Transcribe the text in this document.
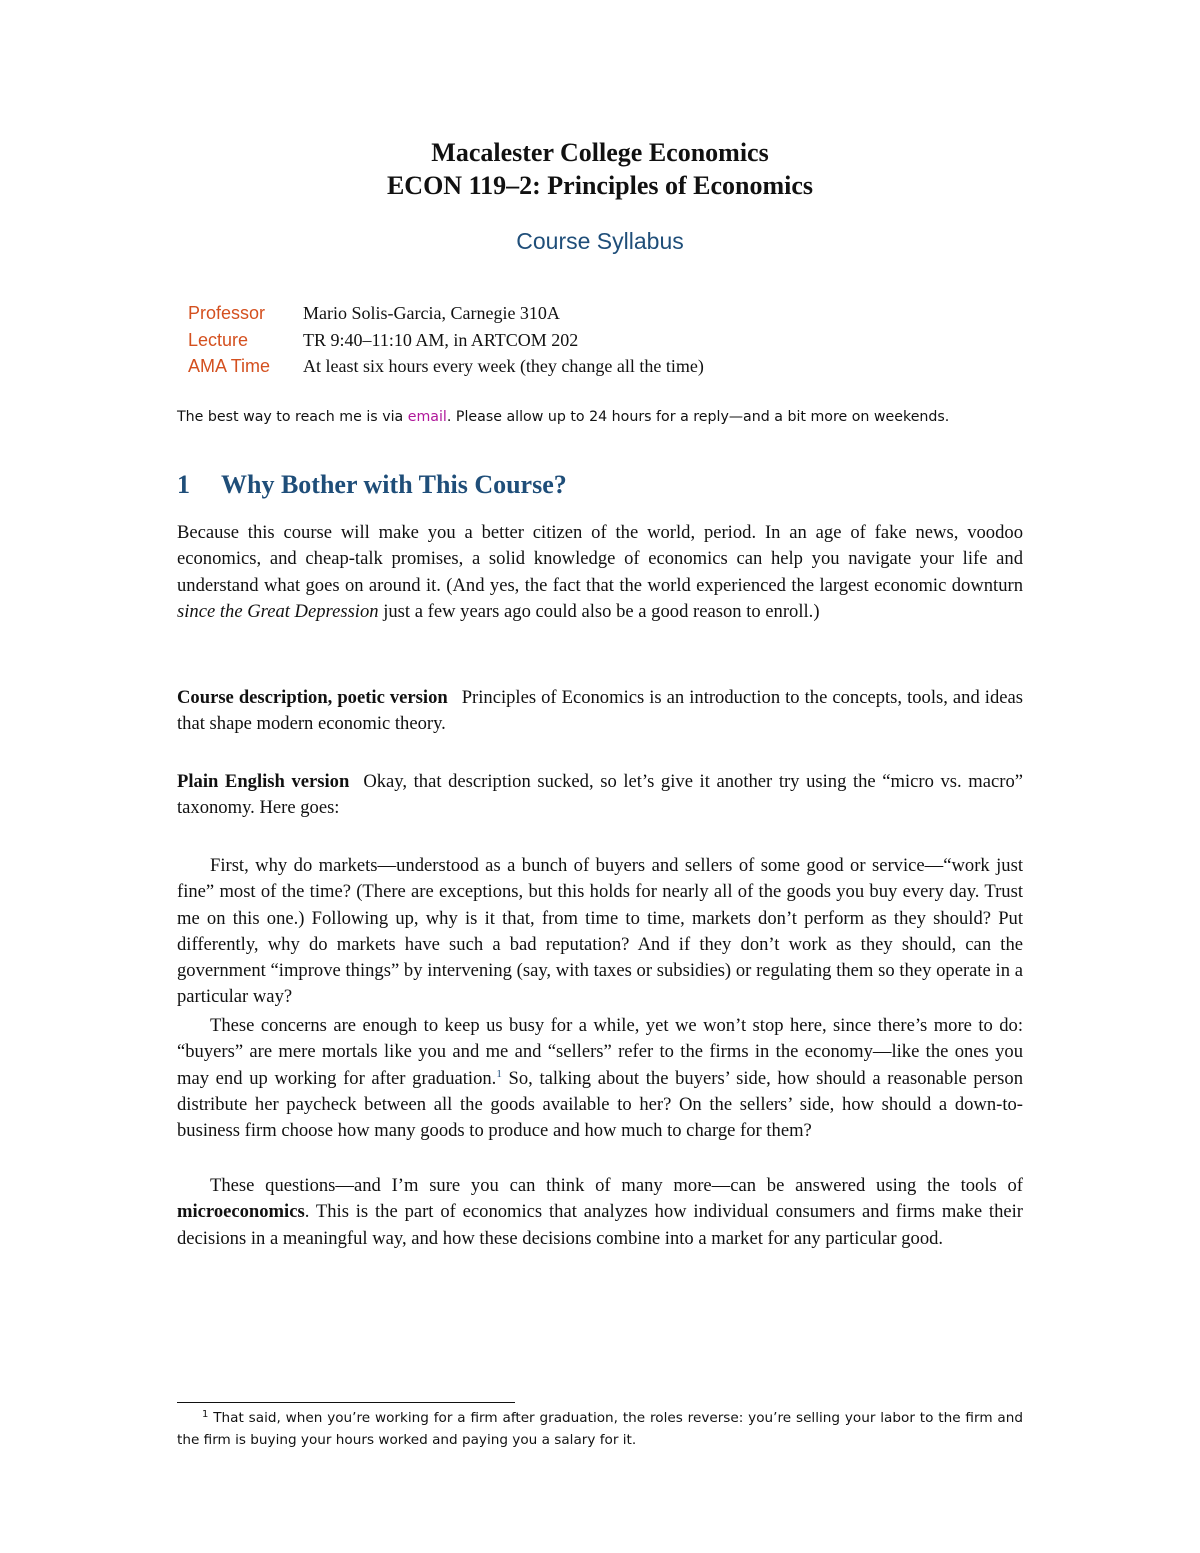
Macalester College Economics
ECON 119–2: Principles of Economics
Course Syllabus
Professor	Mario Solis-Garcia, Carnegie 310A
Lecture	TR 9:40–11:10 AM, in ARTCOM 202
AMA Time	At least six hours every week (they change all the time)
The best way to reach me is via email. Please allow up to 24 hours for a reply—and a bit more on weekends.
1 Why Bother with This Course?

Because this course will make you a better citizen of the world, period. In an age of fake news, voodoo economics, and cheap-talk promises, a solid knowledge of economics can help you navigate your life and understand what goes on around it. (And yes, the fact that the world experienced the largest economic downturn since the Great Depression just a few years ago could also be a good reason to enroll.)

Course description, poetic version Principles of Economics is an introduction to the concepts, tools, and ideas that shape modern economic theory.

Plain English version Okay, that description sucked, so let’s give it another try using the “micro vs. macro” taxonomy. Here goes:

First, why do markets—understood as a bunch of buyers and sellers of some good or service—“work just fine” most of the time? (There are exceptions, but this holds for nearly all of the goods you buy every day. Trust me on this one.) Following up, why is it that, from time to time, markets don’t perform as they should? Put differently, why do markets have such a bad reputation? And if they don’t work as they should, can the government “improve things” by intervening (say, with taxes or subsidies) or regulating them so they operate in a particular way?

These concerns are enough to keep us busy for a while, yet we won’t stop here, since there’s more to do: “buyers” are mere mortals like you and me and “sellers” refer to the firms in the economy—like the ones you may end up working for after graduation.$^1$ So, talking about the buyers’ side, how should a reasonable person distribute her paycheck between all the goods available to her? On the sellers’ side, how should a down-to-business firm choose how many goods to produce and how much to charge for them?

These questions—and I’m sure you can think of many more—can be answered using the tools of microeconomics. This is the part of economics that analyzes how individual consumers and firms make their decisions in a meaningful way, and how these decisions combine into a market for any particular good.

$^1$ That said, when you’re working for a firm after graduation, the roles reverse: you’re selling your labor to the firm and the firm is buying your hours worked and paying you a salary for it.
